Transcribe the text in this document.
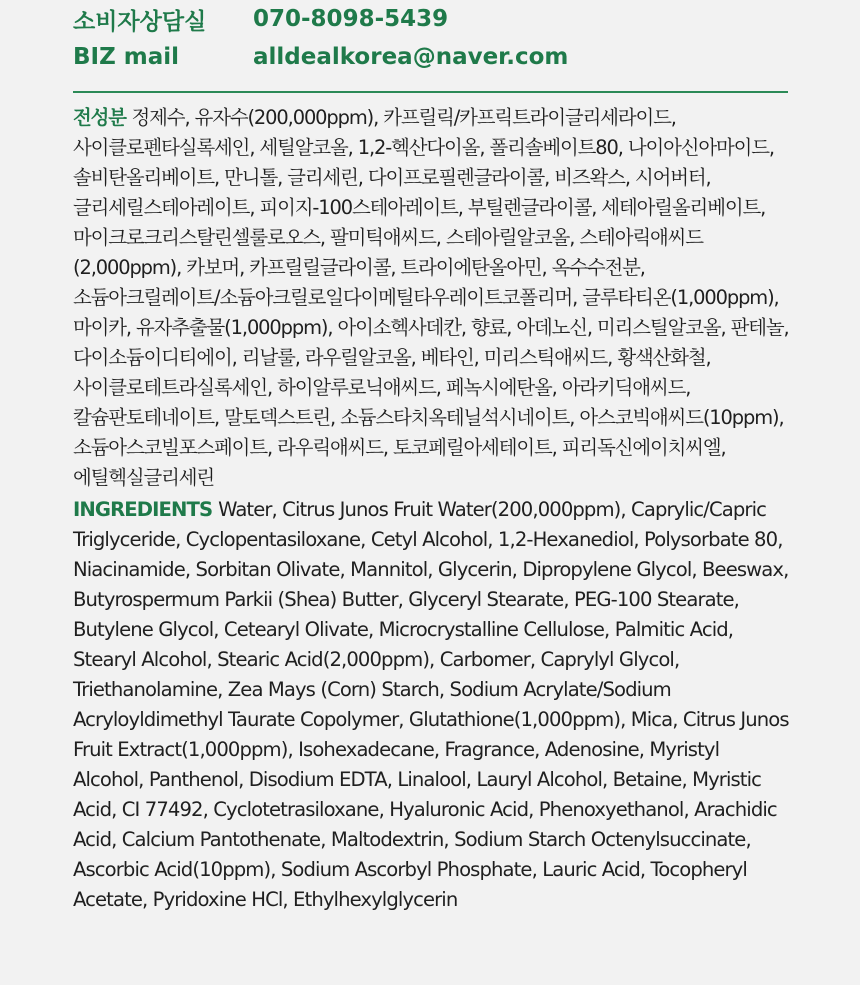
소비자상담실	070-8098-5439
BIZ mail	alldealkorea@naver.com
전성분 정제수, 유자수(200,000ppm), 카프릴릭/카프릭트라이글리세라이드, 사이클로펜타실록세인, 세틸알코올, 1,2-헥산다이올, 폴리솔베이트80, 나이아신아마이드, 솔비탄올리베이트, 만니톨, 글리세린, 다이프로필렌글라이콜, 비즈왁스, 시어버터, 글리세릴스테아레이트, 피이지-100스테아레이트, 부틸렌글라이콜, 세테아릴올리베이트, 마이크로크리스탈린셀룰로오스, 팔미틱애씨드, 스테아릴알코올, 스테아릭애씨드(2,000ppm), 카보머, 카프릴릴글라이콜, 트라이에탄올아민, 옥수수전분, 소듐아크릴레이트/소듐아크릴로일다이메틸타우레이트코폴리머, 글루타티온(1,000ppm), 마이카, 유자추출물(1,000ppm), 아이소헥사데칸, 향료, 아데노신, 미리스틸알코올, 판테놀, 다이소듐이디티에이, 리날룰, 라우릴알코올, 베타인, 미리스틱애씨드, 황색산화철, 사이클로테트라실록세인, 하이알루로닉애씨드, 페녹시에탄올, 아라키딕애씨드, 칼슘판토테네이트, 말토덱스트린, 소듐스타치옥테닐석시네이트, 아스코빅애씨드(10ppm), 소듐아스코빌포스페이트, 라우릭애씨드, 토코페릴아세테이트, 피리독신에이치씨엘, 에틸헥실글리세린
INGREDIENTS Water, Citrus Junos Fruit Water(200,000ppm), Caprylic/Capric Triglyceride, Cyclopentasiloxane, Cetyl Alcohol, 1,2-Hexanediol, Polysorbate 80, Niacinamide, Sorbitan Olivate, Mannitol, Glycerin, Dipropylene Glycol, Beeswax, Butyrospermum Parkii (Shea) Butter, Glyceryl Stearate, PEG-100 Stearate, Butylene Glycol, Cetearyl Olivate, Microcrystalline Cellulose, Palmitic Acid, Stearyl Alcohol, Stearic Acid(2,000ppm), Carbomer, Caprylyl Glycol, Triethanolamine, Zea Mays (Corn) Starch, Sodium Acrylate/Sodium Acryloyldimethyl Taurate Copolymer, Glutathione(1,000ppm), Mica, Citrus Junos Fruit Extract(1,000ppm), Isohexadecane, Fragrance, Adenosine, Myristyl Alcohol, Panthenol, Disodium EDTA, Linalool, Lauryl Alcohol, Betaine, Myristic Acid, CI 77492, Cyclotetrasiloxane, Hyaluronic Acid, Phenoxyethanol, Arachidic Acid, Calcium Pantothenate, Maltodextrin, Sodium Starch Octenylsuccinate, Ascorbic Acid(10ppm), Sodium Ascorbyl Phosphate, Lauric Acid, Tocopheryl Acetate, Pyridoxine HCl, Ethylhexylglycerin
